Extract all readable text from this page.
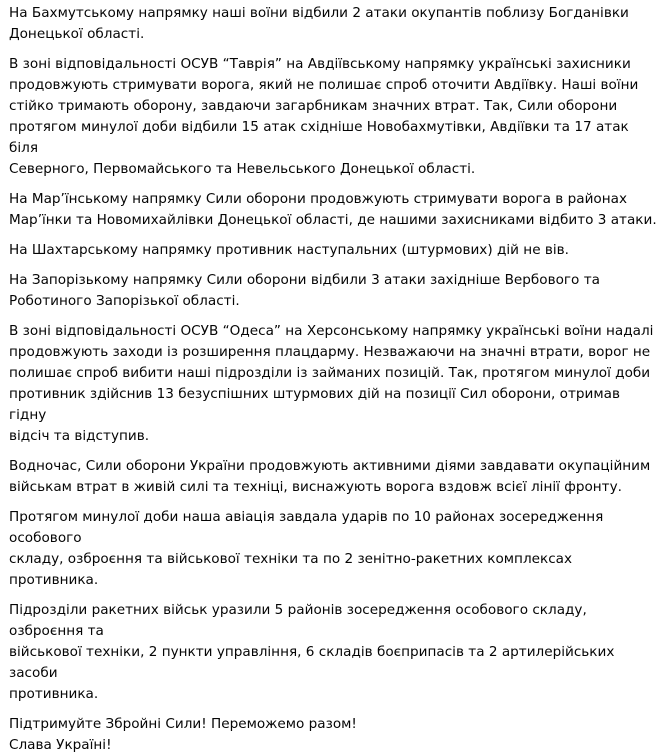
На Бахмутському напрямку наші воїни відбили 2 атаки окупантів поблизу Богданівки
Донецької області.

В зоні відповідальності ОСУВ “Таврія” на Авдіївському напрямку українські захисники
продовжують стримувати ворога, який не полишає спроб оточити Авдіївку. Наші воїни
стійко тримають оборону, завдаючи загарбникам значних втрат. Так, Сили оборони
протягом минулої доби відбили 15 атак східніше Новобахмутівки, Авдіївки та 17 атак біля
Северного, Первомайського та Невельського Донецької області.

На Мар’їнському напрямку Сили оборони продовжують стримувати ворога в районах
Мар’їнки та Новомихайлівки Донецької області, де нашими захисниками відбито 3 атаки.

На Шахтарському напрямку противник наступальних (штурмових) дій не вів.

На Запорізькому напрямку Сили оборони відбили 3 атаки західніше Вербового та
Роботиного Запорізької області.

В зоні відповідальності ОСУВ “Одеса” на Херсонському напрямку українські воїни надалі
продовжують заходи із розширення плацдарму. Незважаючи на значні втрати, ворог не
полишає спроб вибити наші підрозділи із займаних позицій. Так, протягом минулої доби
противник здійснив 13 безуспішних штурмових дій на позиції Сил оборони, отримав гідну
відсіч та відступив.

Водночас, Сили оборони України продовжують активними діями завдавати окупаційним
військам втрат в живій силі та техніці, виснажують ворога вздовж всієї лінії фронту.

Протягом минулої доби наша авіація завдала ударів по 10 районах зосередження особового
складу, озброєння та військової техніки та по 2 зенітно-ракетних комплексах противника.

Підрозділи ракетних військ уразили 5 районів зосередження особового складу, озброєння та
військової техніки, 2 пункти управління, 6 складів боєприпасів та 2 артилерійських засоби
противника.

Підтримуйте Збройні Сили! Переможемо разом!
Слава Україні!
